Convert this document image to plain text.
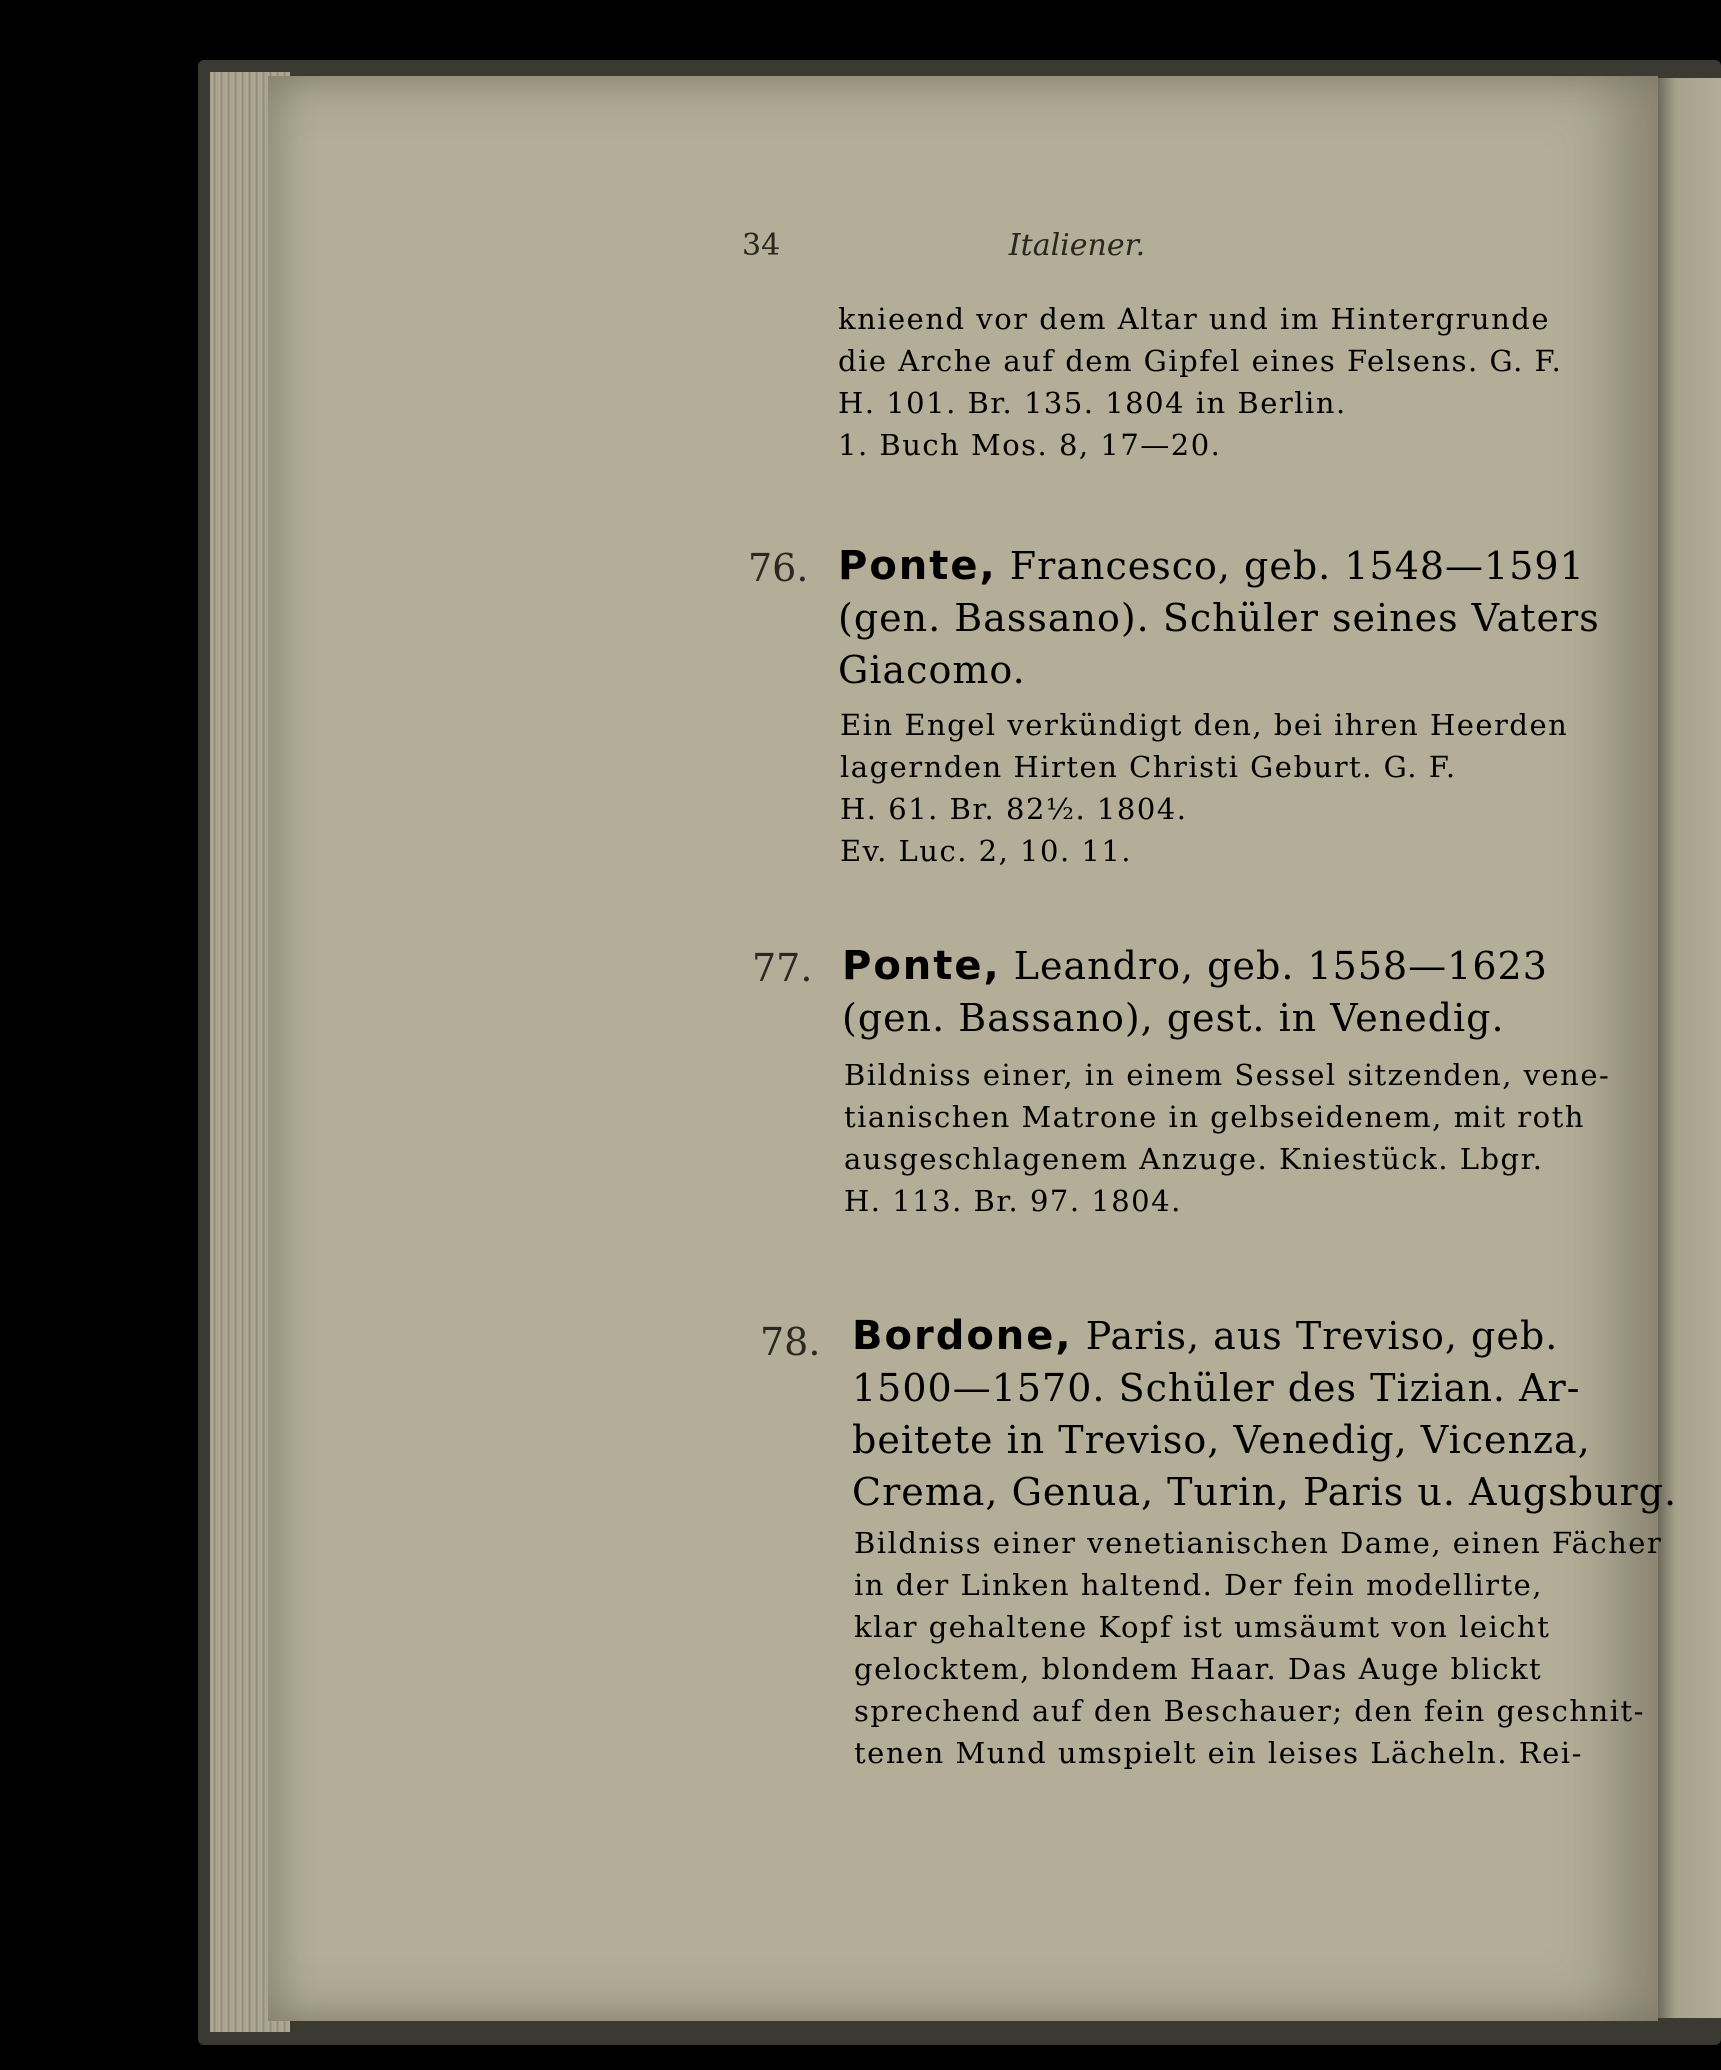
34	Italiener.
knieend vor dem Altar und im Hintergrunde
die Arche auf dem Gipfel eines Felsens. G. F.
H. 101. Br. 135. 1804 in Berlin.
1. Buch Mos. 8, 17—20.
76. Ponte, Francesco, geb. 1548—1591
(gen. Bassano). Schüler seines Vaters
Giacomo.
Ein Engel verkündigt den, bei ihren Heerden
lagernden Hirten Christi Geburt. G. F.
H. 61. Br. 82½. 1804.
Ev. Luc. 2, 10. 11.
77. Ponte, Leandro, geb. 1558—1623
(gen. Bassano), gest. in Venedig.
Bildniss einer, in einem Sessel sitzenden, vene-
tianischen Matrone in gelbseidenem, mit roth
ausgeschlagenem Anzuge. Kniestück. Lbgr.
H. 113. Br. 97. 1804.
78. Bordone, Paris, aus Treviso, geb.
1500—1570. Schüler des Tizian. Ar-
beitete in Treviso, Venedig, Vicenza,
Crema, Genua, Turin, Paris u. Augsburg.
Bildniss einer venetianischen Dame, einen Fächer
in der Linken haltend. Der fein modellirte,
klar gehaltene Kopf ist umsäumt von leicht
gelocktem, blondem Haar. Das Auge blickt
sprechend auf den Beschauer; den fein geschnit-
tenen Mund umspielt ein leises Lächeln. Rei-
